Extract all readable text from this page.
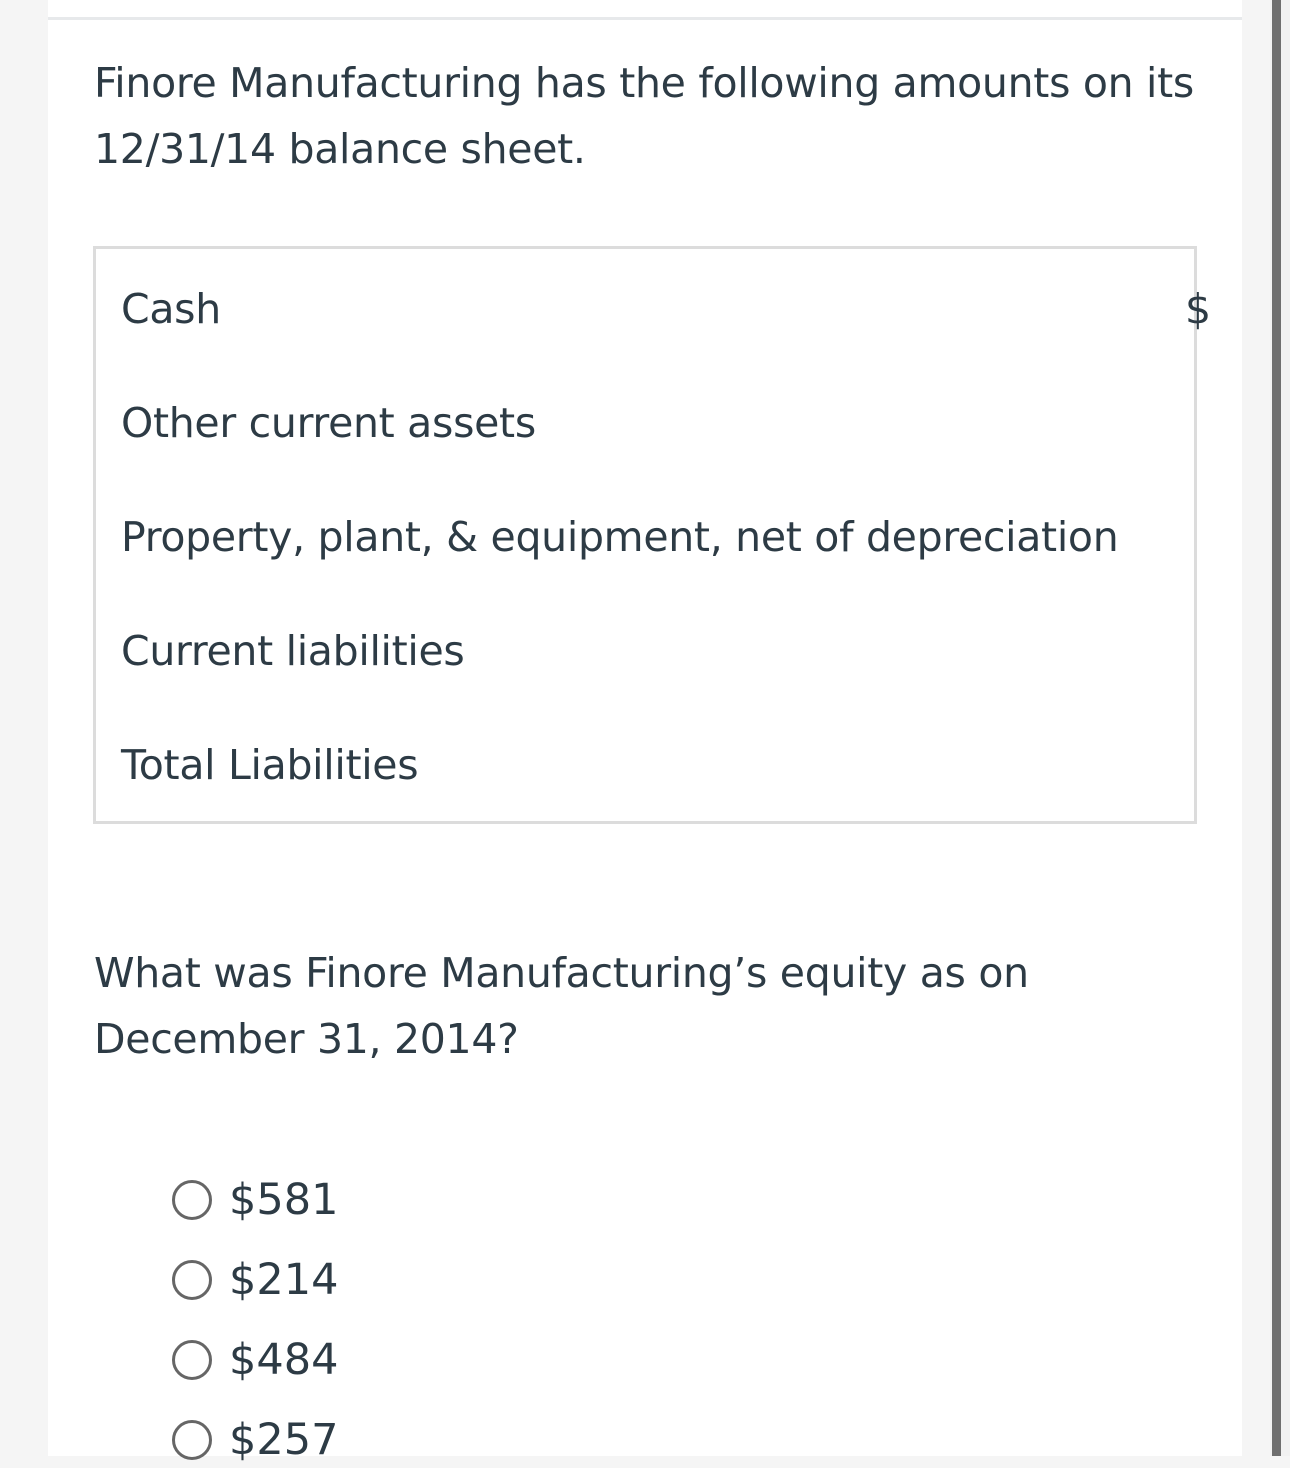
Finore Manufacturing has the following amounts on its 12/31/14 balance sheet.

Cash	$
Other current assets
Property, plant, & equipment, net of depreciation
Current liabilities
Total Liabilities

What was Finore Manufacturing’s equity as on December 31, 2014?

$581
$214
$484
$257
